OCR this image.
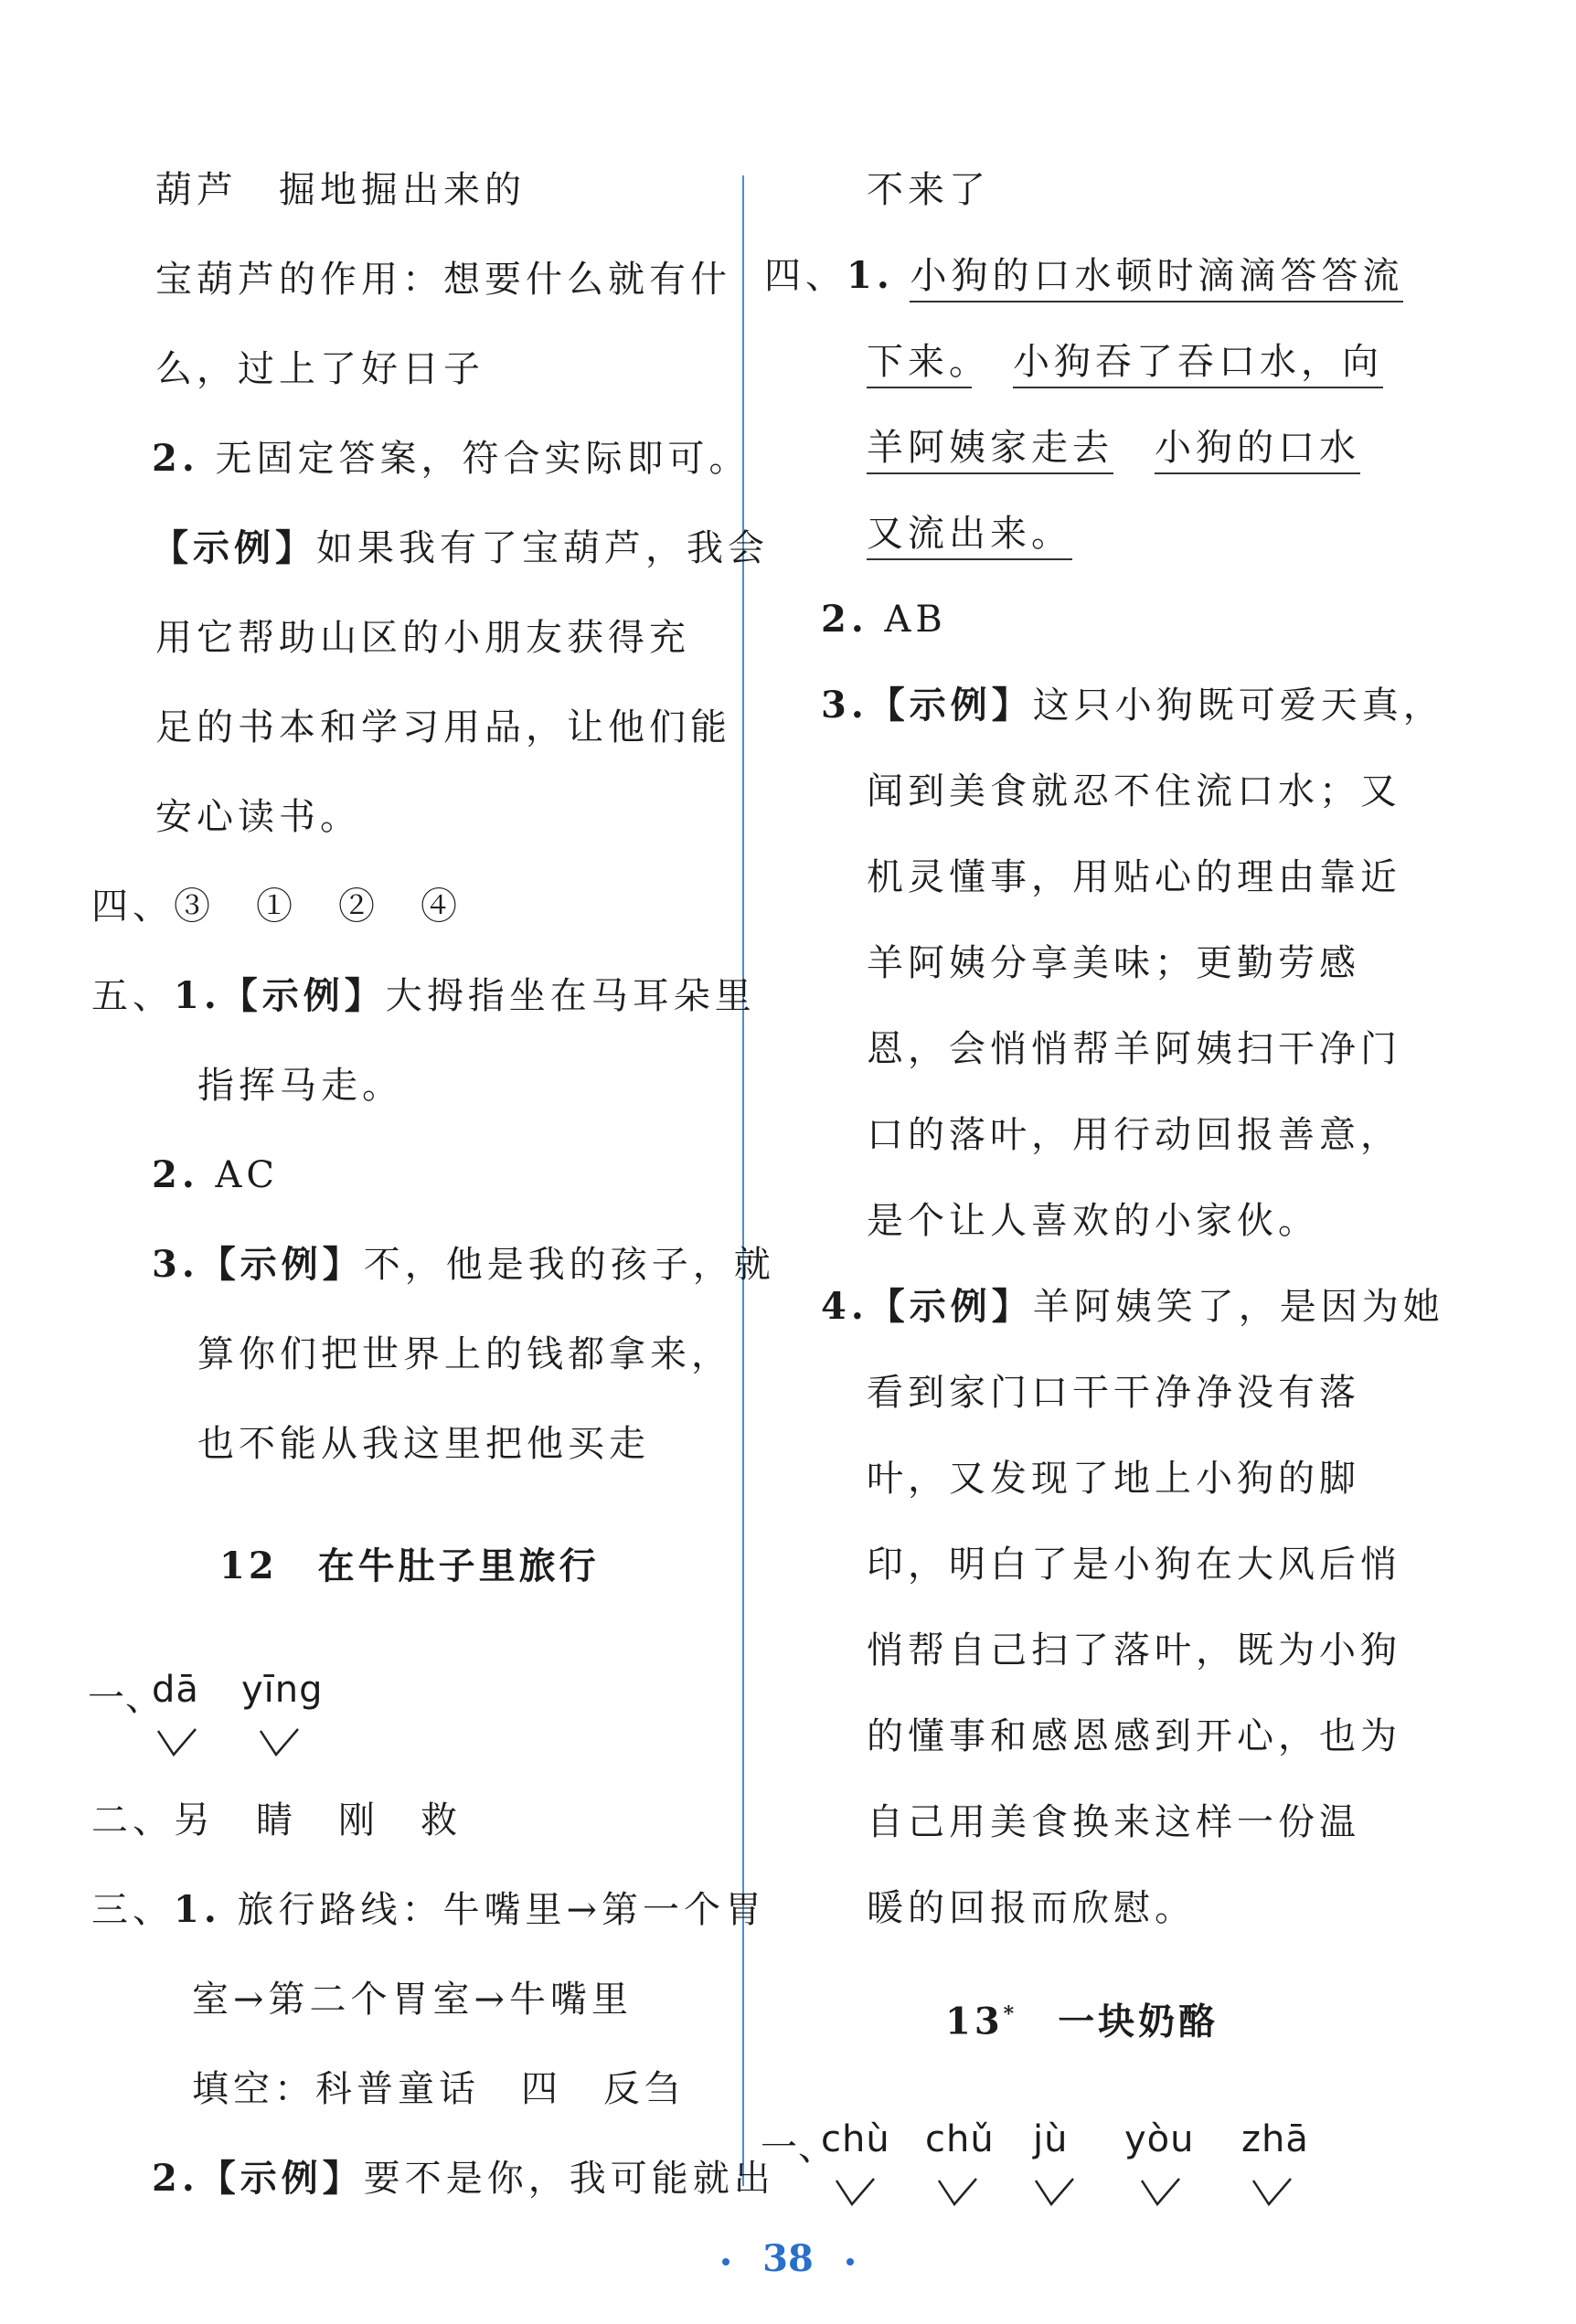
葫芦　掘地掘出来的
宝葫芦的作用：想要什么就有什
么，过上了好日子
2. 无固定答案，符合实际即可。
【示例】如果我有了宝葫芦，我会
用它帮助山区的小朋友获得充
足的书本和学习用品，让他们能
安心读书。
四、③　①　②　④
五、1.【示例】大拇指坐在马耳朵里
指挥马走。
2. AC
3.【示例】不，他是我的孩子，就
算你们把世界上的钱都拿来，
也不能从我这里把他买走
12　 在牛肚子里旅行
一、
dā yīng
二、另　睛　刚　救
三、1. 旅行路线：牛嘴里→第一个胃
室→第二个胃室→牛嘴里
填空：科普童话　四　反刍
2.【示例】要不是你，我可能就出
不来了
四、1. 小狗的口水顿时滴滴答答流
下来。　 小狗吞了吞口水，向
羊阿姨家走去　 小狗的口水
又流出来。
2. AB
3.【示例】这只小狗既可爱天真，
闻到美食就忍不住流口水；又
机灵懂事，用贴心的理由靠近
羊阿姨分享美味；更勤劳感
恩，会悄悄帮羊阿姨扫干净门
口的落叶，用行动回报善意，
是个让人喜欢的小家伙。
4.【示例】羊阿姨笑了，是因为她
看到家门口干干净净没有落
叶，又发现了地上小狗的脚
印，明白了是小狗在大风后悄
悄帮自己扫了落叶，既为小狗
的懂事和感恩感到开心，也为
自己用美食换来这样一份温
暖的回报而欣慰。
13*　 一块奶酪
一、
chù chǔ jù yòu zhā
38
